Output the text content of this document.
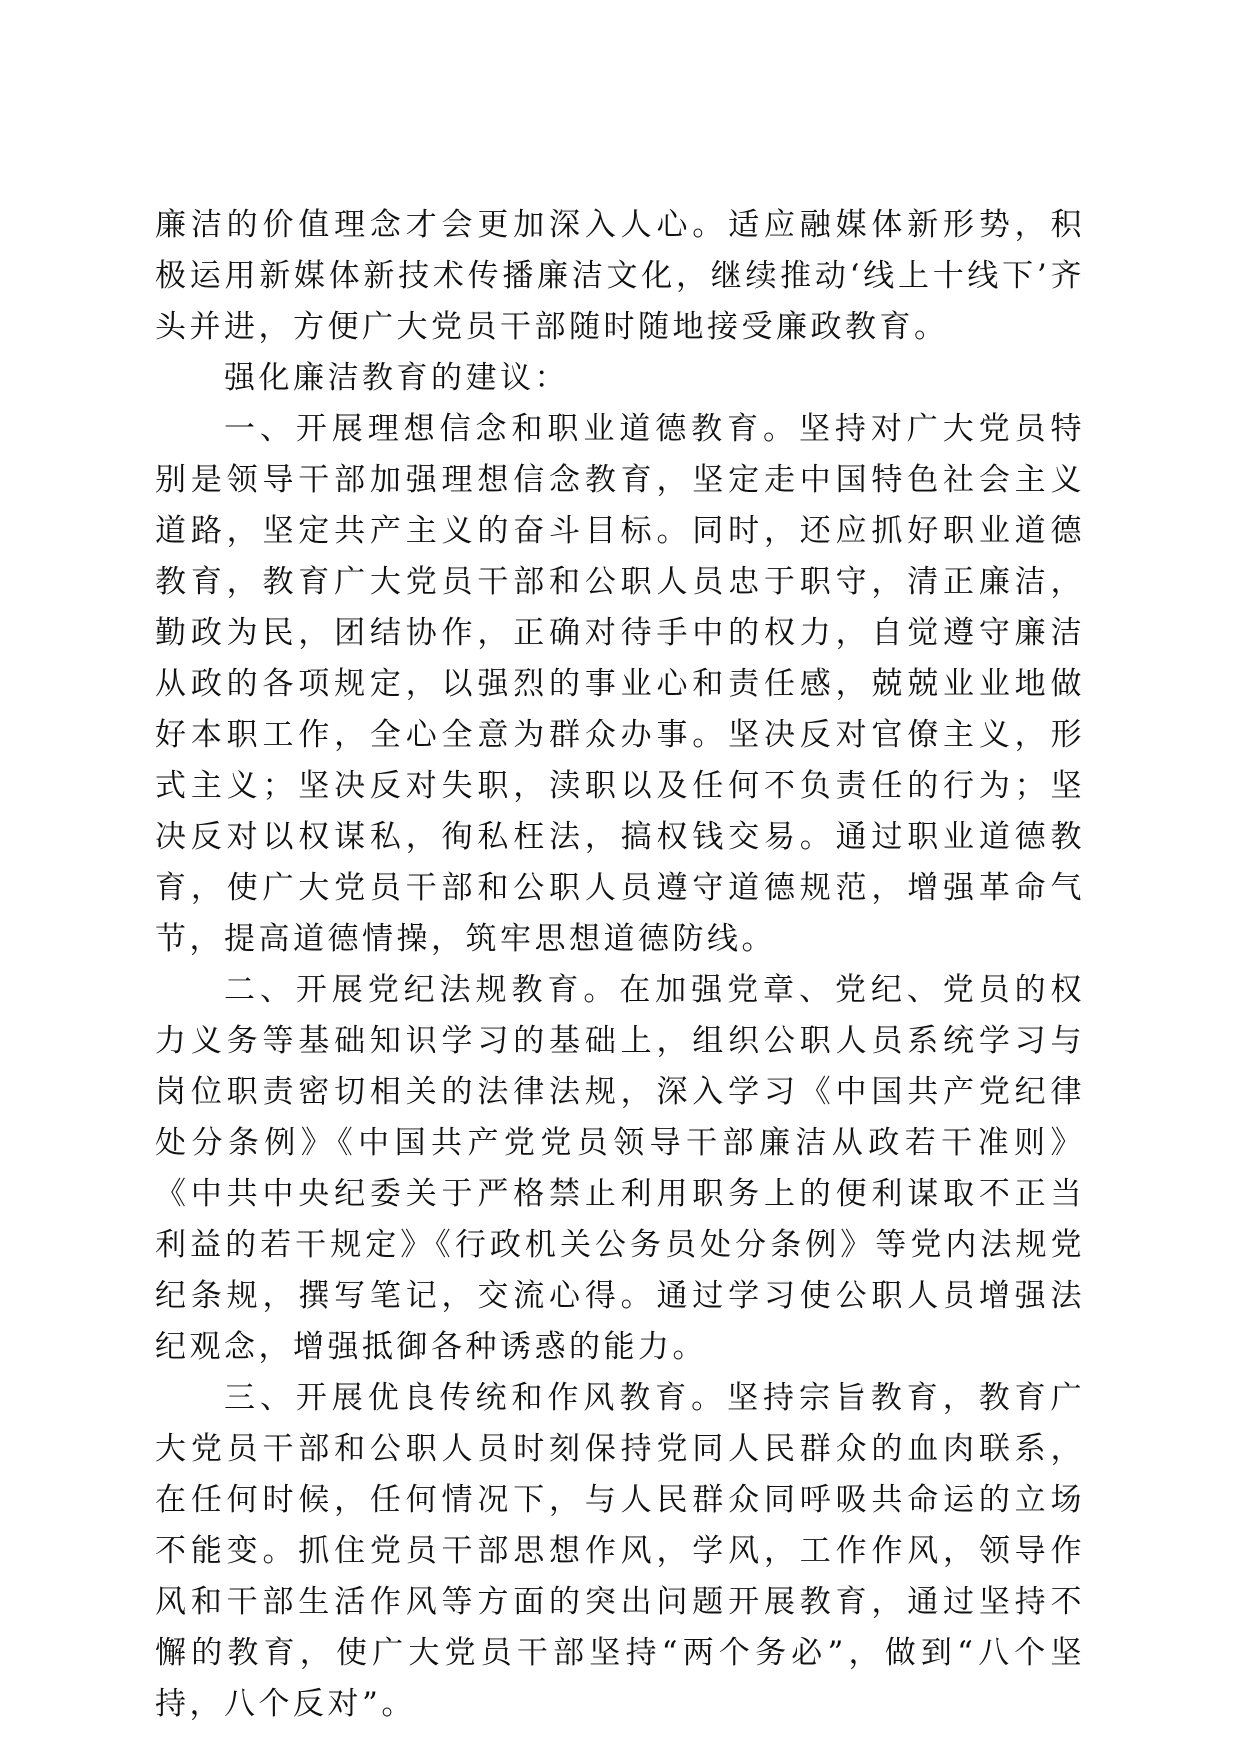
廉洁的价值理念才会更加深入人心。适应融媒体新形势，积极运用新媒体新技术传播廉洁文化，继续推动‘线上十线下’齐头并进，方便广大党员干部随时随地接受廉政教育。

强化廉洁教育的建议：

一、开展理想信念和职业道德教育。坚持对广大党员特别是领导干部加强理想信念教育，坚定走中国特色社会主义道路，坚定共产主义的奋斗目标。同时，还应抓好职业道德教育，教育广大党员干部和公职人员忠于职守，清正廉洁，勤政为民，团结协作，正确对待手中的权力，自觉遵守廉洁从政的各项规定，以强烈的事业心和责任感，兢兢业业地做好本职工作，全心全意为群众办事。坚决反对官僚主义，形式主义；坚决反对失职，渎职以及任何不负责任的行为；坚决反对以权谋私，徇私枉法，搞权钱交易。通过职业道德教育，使广大党员干部和公职人员遵守道德规范，增强革命气节，提高道德情操，筑牢思想道德防线。

二、开展党纪法规教育。在加强党章、党纪、党员的权力义务等基础知识学习的基础上，组织公职人员系统学习与岗位职责密切相关的法律法规，深入学习《中国共产党纪律处分条例》《中国共产党党员领导干部廉洁从政若干准则》《中共中央纪委关于严格禁止利用职务上的便利谋取不正当利益的若干规定》《行政机关公务员处分条例》等党内法规党纪条规，撰写笔记，交流心得。通过学习使公职人员增强法纪观念，增强抵御各种诱惑的能力。

三、开展优良传统和作风教育。坚持宗旨教育，教育广大党员干部和公职人员时刻保持党同人民群众的血肉联系，在任何时候，任何情况下，与人民群众同呼吸共命运的立场不能变。抓住党员干部思想作风，学风，工作作风，领导作风和干部生活作风等方面的突出问题开展教育，通过坚持不懈的教育，使广大党员干部坚持“两个务必”，做到“八个坚持，八个反对”。
